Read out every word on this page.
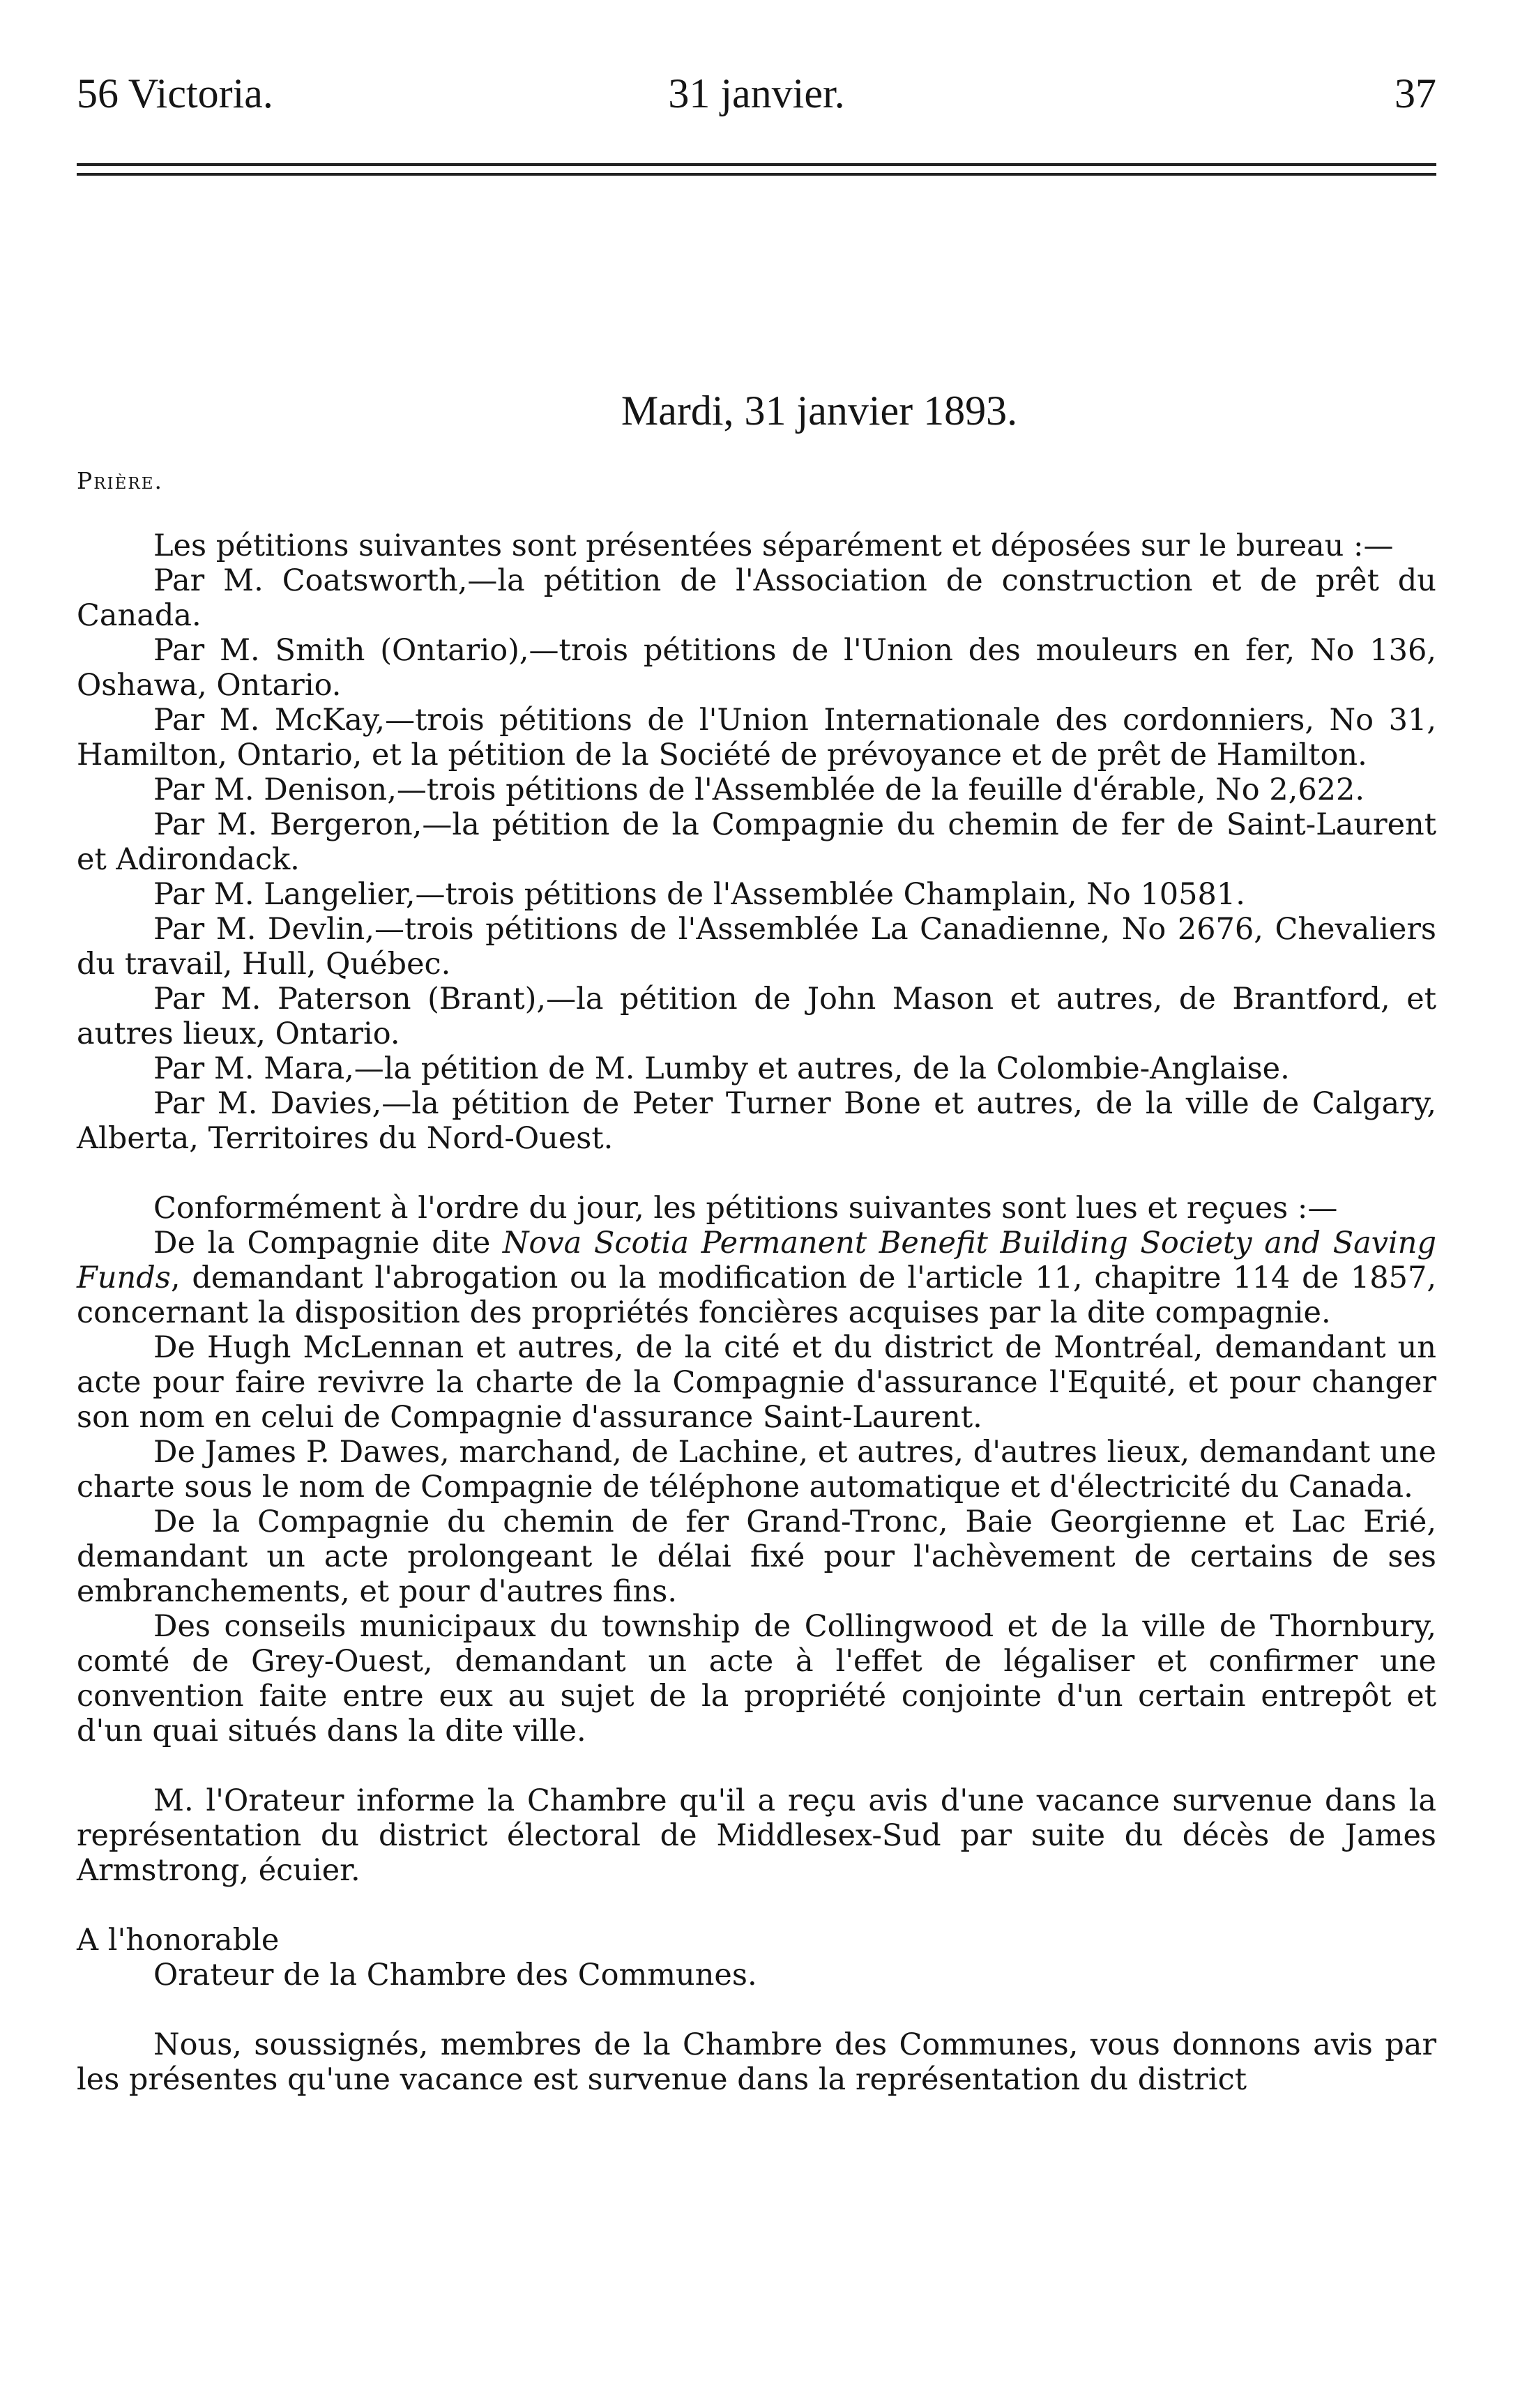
56 Victoria.	31 janvier.	37
Mardi, 31 janvier 1893.
Prière.

Les pétitions suivantes sont présentées séparément et déposées sur le bureau :—

Par M. Coatsworth,—la pétition de l'Association de construction et de prêt du Canada.

Par M. Smith (Ontario),—trois pétitions de l'Union des mouleurs en fer, No 136, Oshawa, Ontario.

Par M. McKay,—trois pétitions de l'Union Internationale des cordonniers, No 31, Hamilton, Ontario, et la pétition de la Société de prévoyance et de prêt de Hamilton.

Par M. Denison,—trois pétitions de l'Assemblée de la feuille d'érable, No 2,622.

Par M. Bergeron,—la pétition de la Compagnie du chemin de fer de Saint-Laurent et Adirondack.

Par M. Langelier,—trois pétitions de l'Assemblée Champlain, No 10581.

Par M. Devlin,—trois pétitions de l'Assemblée La Canadienne, No 2676, Chevaliers du travail, Hull, Québec.

Par M. Paterson (Brant),—la pétition de John Mason et autres, de Brantford, et autres lieux, Ontario.

Par M. Mara,—la pétition de M. Lumby et autres, de la Colombie-Anglaise.

Par M. Davies,—la pétition de Peter Turner Bone et autres, de la ville de Calgary, Alberta, Territoires du Nord-Ouest.

Conformément à l'ordre du jour, les pétitions suivantes sont lues et reçues :—

De la Compagnie dite Nova Scotia Permanent Benefit Building Society and Saving Funds, demandant l'abrogation ou la modification de l'article 11, chapitre 114 de 1857, concernant la disposition des propriétés foncières acquises par la dite compagnie.

De Hugh McLennan et autres, de la cité et du district de Montréal, demandant un acte pour faire revivre la charte de la Compagnie d'assurance l'Equité, et pour changer son nom en celui de Compagnie d'assurance Saint-Laurent.

De James P. Dawes, marchand, de Lachine, et autres, d'autres lieux, demandant une charte sous le nom de Compagnie de téléphone automatique et d'électricité du Canada.

De la Compagnie du chemin de fer Grand-Tronc, Baie Georgienne et Lac Erié, demandant un acte prolongeant le délai fixé pour l'achèvement de certains de ses embranchements, et pour d'autres fins.

Des conseils municipaux du township de Collingwood et de la ville de Thornbury, comté de Grey-Ouest, demandant un acte à l'effet de légaliser et confirmer une convention faite entre eux au sujet de la propriété conjointe d'un certain entrepôt et d'un quai situés dans la dite ville.

M. l'Orateur informe la Chambre qu'il a reçu avis d'une vacance survenue dans la représentation du district électoral de Middlesex-Sud par suite du décès de James Armstrong, écuier.

A l'honorable

Orateur de la Chambre des Communes.

Nous, soussignés, membres de la Chambre des Communes, vous donnons avis par les présentes qu'une vacance est survenue dans la représentation du district
